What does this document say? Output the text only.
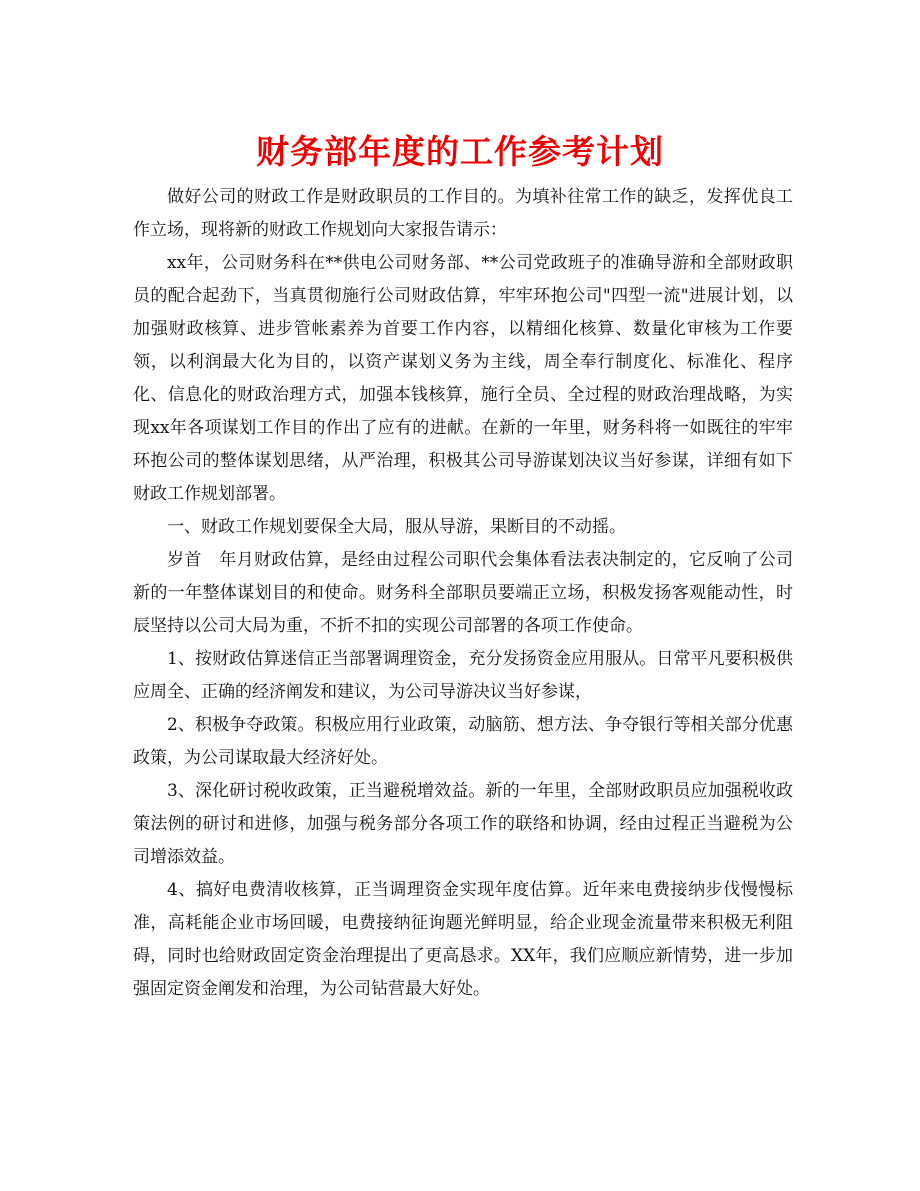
财务部年度的工作参考计划

做好公司的财政工作是财政职员的工作目的。为填补往常工作的缺乏，发挥优良工作立场，现将新的财政工作规划向大家报告请示：

xx年，公司财务科在**供电公司财务部、**公司党政班子的准确导游和全部财政职员的配合起劲下，当真贯彻施行公司财政估算，牢牢环抱公司"四型一流"进展计划，以加强财政核算、进步管帐素养为首要工作内容，以精细化核算、数量化审核为工作要领，以利润最大化为目的，以资产谋划义务为主线，周全奉行制度化、标准化、程序化、信息化的财政治理方式，加强本钱核算，施行全员、全过程的财政治理战略，为实现xx年各项谋划工作目的作出了应有的进献。在新的一年里，财务科将一如既往的牢牢环抱公司的整体谋划思绪，从严治理，积极其公司导游谋划决议当好参谋，详细有如下财政工作规划部署。

一、财政工作规划要保全大局，服从导游，果断目的不动摇。

岁首　年月财政估算，是经由过程公司职代会集体看法表决制定的，它反响了公司新的一年整体谋划目的和使命。财务科全部职员要端正立场，积极发扬客观能动性，时辰坚持以公司大局为重，不折不扣的实现公司部署的各项工作使命。

1、按财政估算迷信正当部署调理资金，充分发扬资金应用服从。日常平凡要积极供应周全、正确的经济阐发和建议，为公司导游决议当好参谋，

2、积极争夺政策。积极应用行业政策，动脑筋、想方法、争夺银行等相关部分优惠政策，为公司谋取最大经济好处。

3、深化研讨税收政策，正当避税增效益。新的一年里，全部财政职员应加强税收政策法例的研讨和进修，加强与税务部分各项工作的联络和协调，经由过程正当避税为公司增添效益。

4、搞好电费清收核算，正当调理资金实现年度估算。近年来电费接纳步伐慢慢标准，高耗能企业市场回暖，电费接纳征询题光鲜明显，给企业现金流量带来积极无利阻碍，同时也给财政固定资金治理提出了更高恳求。XX年，我们应顺应新情势，进一步加强固定资金阐发和治理，为公司钻营最大好处。
